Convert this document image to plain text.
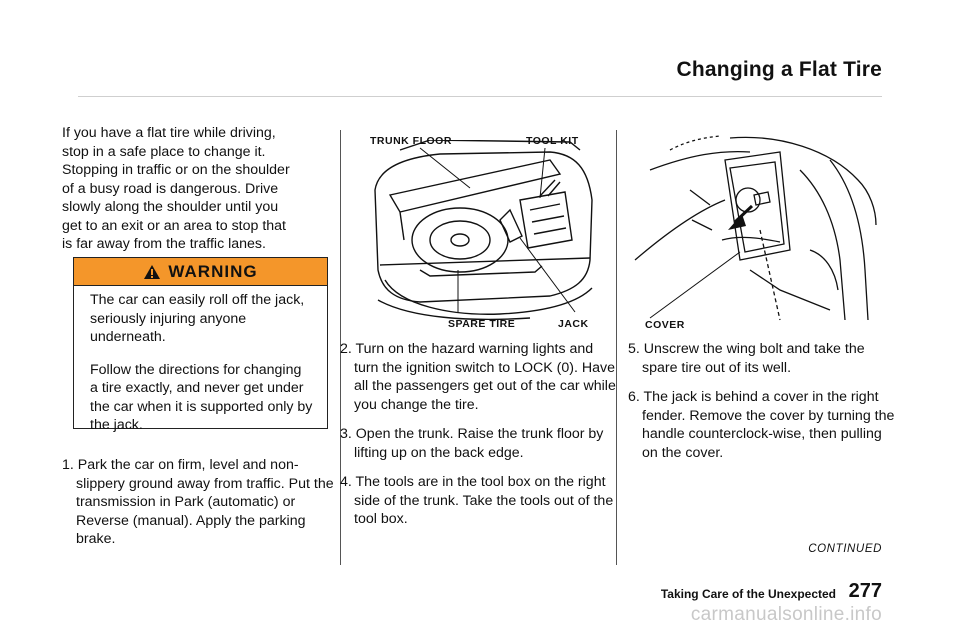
Changing a Flat Tire

If you have a flat tire while driving,

stop in a safe place to change it.

Stopping in traffic or on the shoulder

of a busy road is dangerous. Drive

slowly along the shoulder until you

get to an exit or an area to stop that

is far away from the traffic lanes.

WARNING

The car can easily roll off the jack, seriously injuring anyone underneath.

Follow the directions for changing a tire exactly, and never get under the car when it is supported only by the jack.

1. Park the car on firm, level and non-slippery ground away from traffic. Put the transmission in Park (automatic) or Reverse (manual). Apply the parking brake.

TRUNK FLOOR	TOOL KIT
SPARE TIRE	JACK

2. Turn on the hazard warning lights and turn the ignition switch to LOCK (0). Have all the passengers get out of the car while you change the tire.

3. Open the trunk. Raise the trunk floor by lifting up on the back edge.

4. The tools are in the tool box on the right side of the trunk. Take the tools out of the tool box.

COVER

5. Unscrew the wing bolt and take the spare tire out of its well.

6. The jack is behind a cover in the right fender. Remove the cover by turning the handle counterclock-wise, then pulling on the cover.

CONTINUED
Taking Care of the Unexpected 277
carmanualsonline.info
